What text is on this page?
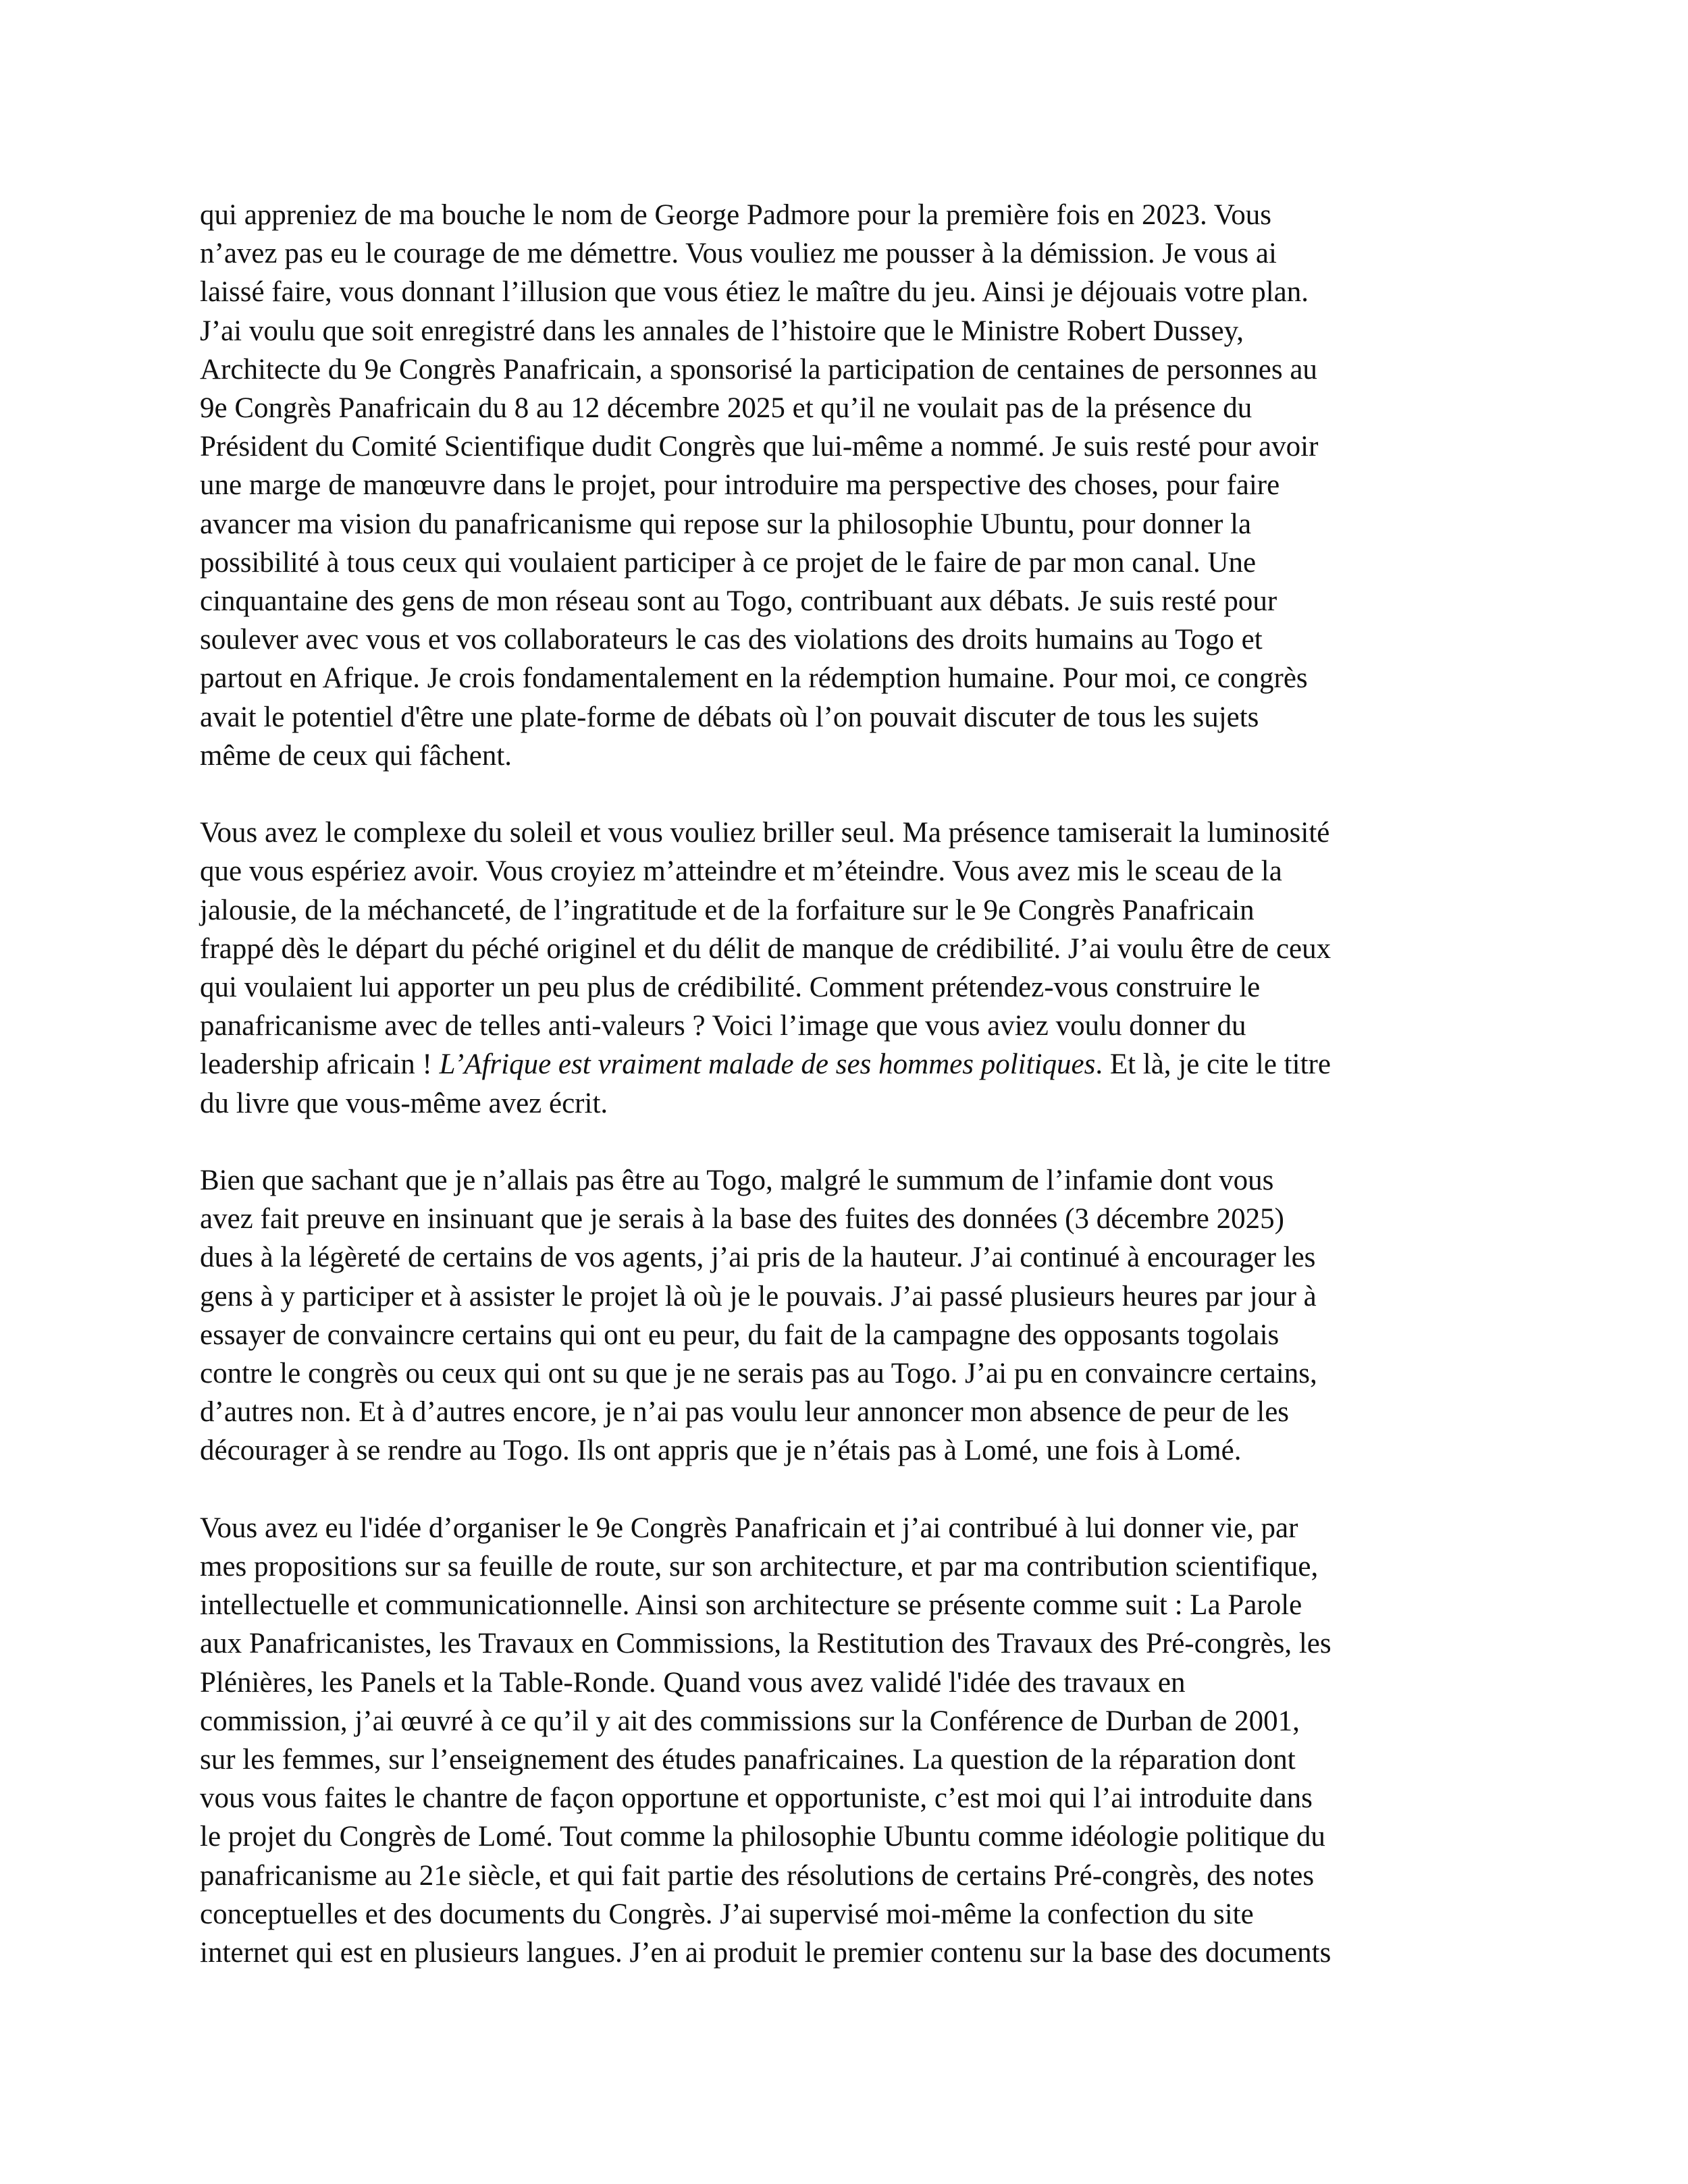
qui appreniez de ma bouche le nom de George Padmore pour la première fois en 2023. Vous
n’avez pas eu le courage de me démettre. Vous vouliez me pousser à la démission. Je vous ai
laissé faire, vous donnant l’illusion que vous étiez le maître du jeu. Ainsi je déjouais votre plan.
J’ai voulu que soit enregistré dans les annales de l’histoire que le Ministre Robert Dussey,
Architecte du 9e Congrès Panafricain, a sponsorisé la participation de centaines de personnes au
9e Congrès Panafricain du 8 au 12 décembre 2025 et qu’il ne voulait pas de la présence du
Président du Comité Scientifique dudit Congrès que lui-même a nommé. Je suis resté pour avoir
une marge de manœuvre dans le projet, pour introduire ma perspective des choses, pour faire
avancer ma vision du panafricanisme qui repose sur la philosophie Ubuntu, pour donner la
possibilité à tous ceux qui voulaient participer à ce projet de le faire de par mon canal. Une
cinquantaine des gens de mon réseau sont au Togo, contribuant aux débats. Je suis resté pour
soulever avec vous et vos collaborateurs le cas des violations des droits humains au Togo et
partout en Afrique. Je crois fondamentalement en la rédemption humaine. Pour moi, ce congrès
avait le potentiel d'être une plate-forme de débats où l’on pouvait discuter de tous les sujets
même de ceux qui fâchent.

Vous avez le complexe du soleil et vous vouliez briller seul. Ma présence tamiserait la luminosité
que vous espériez avoir. Vous croyiez m’atteindre et m’éteindre. Vous avez mis le sceau de la
jalousie, de la méchanceté, de l’ingratitude et de la forfaiture sur le 9e Congrès Panafricain
frappé dès le départ du péché originel et du délit de manque de crédibilité. J’ai voulu être de ceux
qui voulaient lui apporter un peu plus de crédibilité. Comment prétendez-vous construire le
panafricanisme avec de telles anti-valeurs ? Voici l’image que vous aviez voulu donner du
leadership africain ! L’Afrique est vraiment malade de ses hommes politiques. Et là, je cite le titre
du livre que vous-même avez écrit.

Bien que sachant que je n’allais pas être au Togo, malgré le summum de l’infamie dont vous
avez fait preuve en insinuant que je serais à la base des fuites des données (3 décembre 2025)
dues à la légèreté de certains de vos agents, j’ai pris de la hauteur. J’ai continué à encourager les
gens à y participer et à assister le projet là où je le pouvais. J’ai passé plusieurs heures par jour à
essayer de convaincre certains qui ont eu peur, du fait de la campagne des opposants togolais
contre le congrès ou ceux qui ont su que je ne serais pas au Togo. J’ai pu en convaincre certains,
d’autres non. Et à d’autres encore, je n’ai pas voulu leur annoncer mon absence de peur de les
décourager à se rendre au Togo. Ils ont appris que je n’étais pas à Lomé, une fois à Lomé.

Vous avez eu l'idée d’organiser le 9e Congrès Panafricain et j’ai contribué à lui donner vie, par
mes propositions sur sa feuille de route, sur son architecture, et par ma contribution scientifique,
intellectuelle et communicationnelle. Ainsi son architecture se présente comme suit : La Parole
aux Panafricanistes, les Travaux en Commissions, la Restitution des Travaux des Pré-congrès, les
Plénières, les Panels et la Table-Ronde. Quand vous avez validé l'idée des travaux en
commission, j’ai œuvré à ce qu’il y ait des commissions sur la Conférence de Durban de 2001,
sur les femmes, sur l’enseignement des études panafricaines. La question de la réparation dont
vous vous faites le chantre de façon opportune et opportuniste, c’est moi qui l’ai introduite dans
le projet du Congrès de Lomé. Tout comme la philosophie Ubuntu comme idéologie politique du
panafricanisme au 21e siècle, et qui fait partie des résolutions de certains Pré-congrès, des notes
conceptuelles et des documents du Congrès. J’ai supervisé moi-même la confection du site
internet qui est en plusieurs langues. J’en ai produit le premier contenu sur la base des documents
